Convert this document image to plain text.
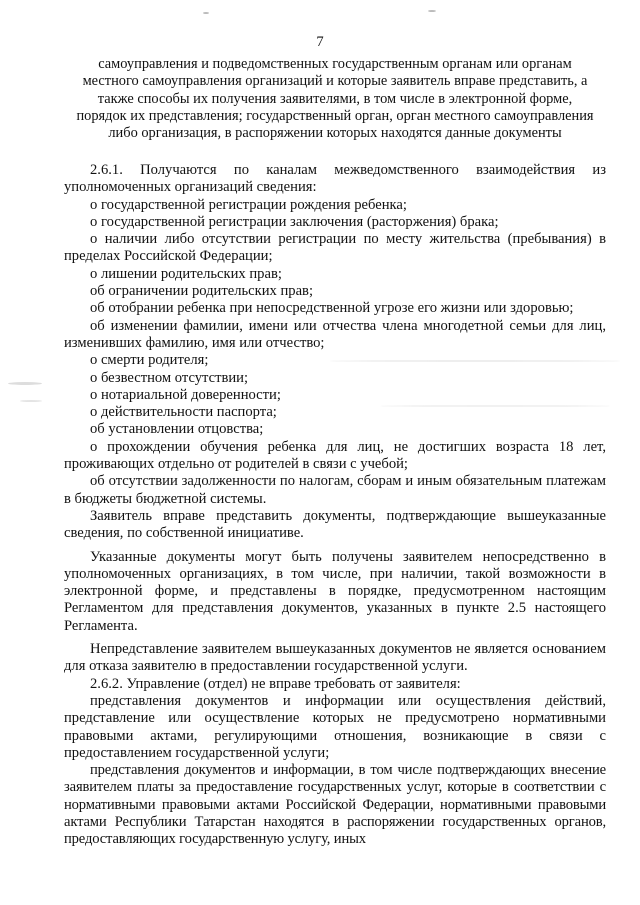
7
самоуправления и подведомственных государственным органам или органам
местного самоуправления организаций и которые заявитель вправе представить, а
также способы их получения заявителями, в том числе в электронной форме,
порядок их представления; государственный орган, орган местного самоуправления
либо организация, в распоряжении которых находятся данные документы

2.6.1. Получаются по каналам межведомственного взаимодействия из уполномоченных организаций сведения:

о государственной регистрации рождения ребенка;

о государственной регистрации заключения (расторжения) брака;

о наличии либо отсутствии регистрации по месту жительства (пребывания) в пределах Российской Федерации;

о лишении родительских прав;

об ограничении родительских прав;

об отобрании ребенка при непосредственной угрозе его жизни или здоровью;

об изменении фамилии, имени или отчества члена многодетной семьи для лиц, изменивших фамилию, имя или отчество;

о смерти родителя;

о безвестном отсутствии;

о нотариальной доверенности;

о действительности паспорта;

об установлении отцовства;

о прохождении обучения ребенка для лиц, не достигших возраста 18 лет, проживающих отдельно от родителей в связи с учебой;

об отсутствии задолженности по налогам, сборам и иным обязательным платежам в бюджеты бюджетной системы.

Заявитель вправе представить документы, подтверждающие вышеуказанные сведения, по собственной инициативе.

Указанные документы могут быть получены заявителем непосредственно в уполномоченных организациях, в том числе, при наличии, такой возможности в электронной форме, и представлены в порядке, предусмотренном настоящим Регламентом для представления документов, указанных в пункте 2.5 настоящего Регламента.

Непредставление заявителем вышеуказанных документов не является основанием для отказа заявителю в предоставлении государственной услуги.

2.6.2. Управление (отдел) не вправе требовать от заявителя:

представления документов и информации или осуществления действий, представление или осуществление которых не предусмотрено нормативными правовыми актами, регулирующими отношения, возникающие в связи с предоставлением государственной услуги;

представления документов и информации, в том числе подтверждающих внесение заявителем платы за предоставление государственных услуг, которые в соответствии с нормативными правовыми актами Российской Федерации, нормативными правовыми актами Республики Татарстан находятся в распоряжении государственных органов, предоставляющих государственную услугу, иных
